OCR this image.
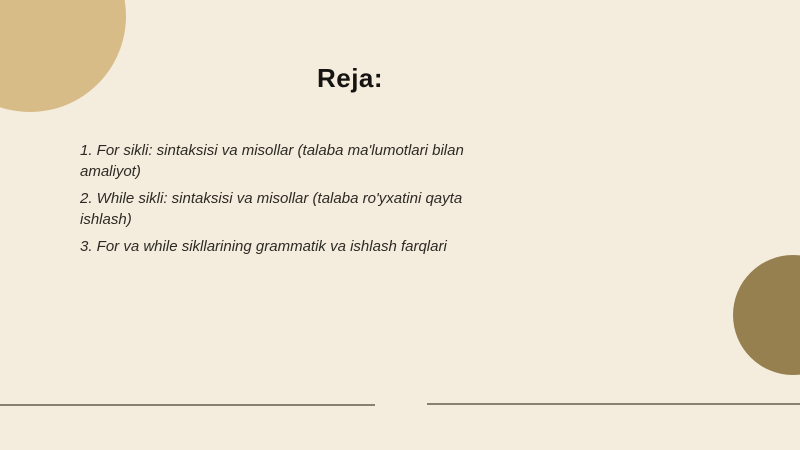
Reja:

1. For sikli: sintaksisi va misollar (talaba ma'lumotlari bilan
amaliyot)

2. While sikli: sintaksisi va misollar (talaba ro'yxatini qayta
ishlash)

3. For va while sikllarining grammatik va ishlash farqlari
